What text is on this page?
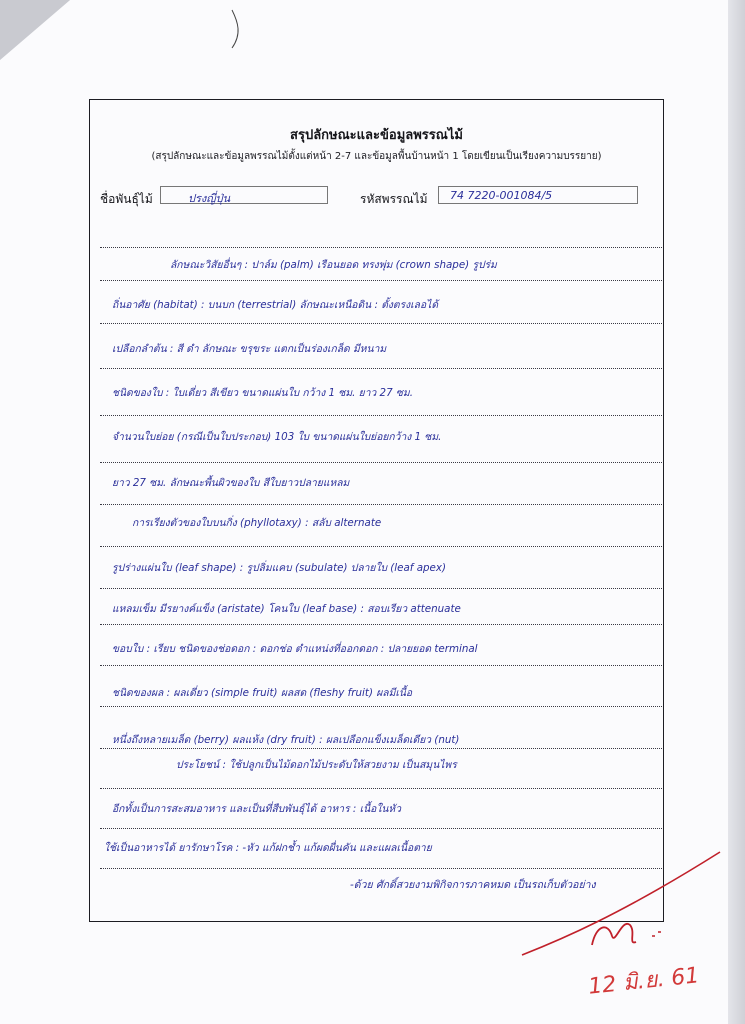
สรุปลักษณะและข้อมูลพรรณไม้
(สรุปลักษณะและข้อมูลพรรณไม้ตั้งแต่หน้า 2-7 และข้อมูลพื้นบ้านหน้า 1 โดยเขียนเป็นเรียงความบรรยาย)
ชื่อพันธุ์ไม้	ปรงญี่ปุ่น	รหัสพรรณไม้ 74 7220-001084/5
ลักษณะวิสัยอื่นๆ : ปาล์ม (palm) เรือนยอด ทรงพุ่ม (crown shape) รูปร่ม
ถิ่นอาศัย (habitat) : บนบก (terrestrial) ลักษณะเหนือดิน : ตั้งตรงเลอได้
เปลือกลำต้น : สี ดำ ลักษณะ ขรุขระ แตกเป็นร่องเกล็ด มีหนาม
ชนิดของใบ : ใบเดี่ยว สีเขียว ขนาดแผ่นใบ กว้าง 1 ซม. ยาว 27 ซม.
จำนวนใบย่อย (กรณีเป็นใบประกอบ) 103 ใบ ขนาดแผ่นใบย่อยกว้าง 1 ซม.
ยาว 27 ซม. ลักษณะพื้นผิวของใบ สีใบยาวปลายแหลม
การเรียงตัวของใบบนกิ่ง (phyllotaxy) : สลับ alternate
รูปร่างแผ่นใบ (leaf shape) : รูปลิ่มแคบ (subulate) ปลายใบ (leaf apex)
แหลมเข็ม มีรยางค์แข็ง (aristate) โคนใบ (leaf base) : สอบเรียว attenuate
ขอบใบ : เรียบ ชนิดของช่อดอก : ดอกช่อ ตำแหน่งที่ออกดอก : ปลายยอด terminal
ชนิดของผล : ผลเดี่ยว (simple fruit) ผลสด (fleshy fruit) ผลมีเนื้อ
หนึ่งถึงหลายเมล็ด (berry) ผลแห้ง (dry fruit) : ผลเปลือกแข็งเมล็ดเดียว (nut)
ประโยชน์ : ใช้ปลูกเป็นไม้ดอกไม้ประดับให้สวยงาม เป็นสมุนไพร
อีกทั้งเป็นการสะสมอาหาร และเป็นที่สืบพันธุ์ได้ อาหาร : เนื้อในหัว
ใช้เป็นอาหารได้ ยารักษาโรค : -หัว แก้ฝกช้ำ แก้ผดผื่นคัน และแผลเนื้อตาย
-ด้วย ศักดิ์สวยงามพิกิจการภาคหมด เป็นรถเก็บตัวอย่าง
12 มิ.ย. 61
